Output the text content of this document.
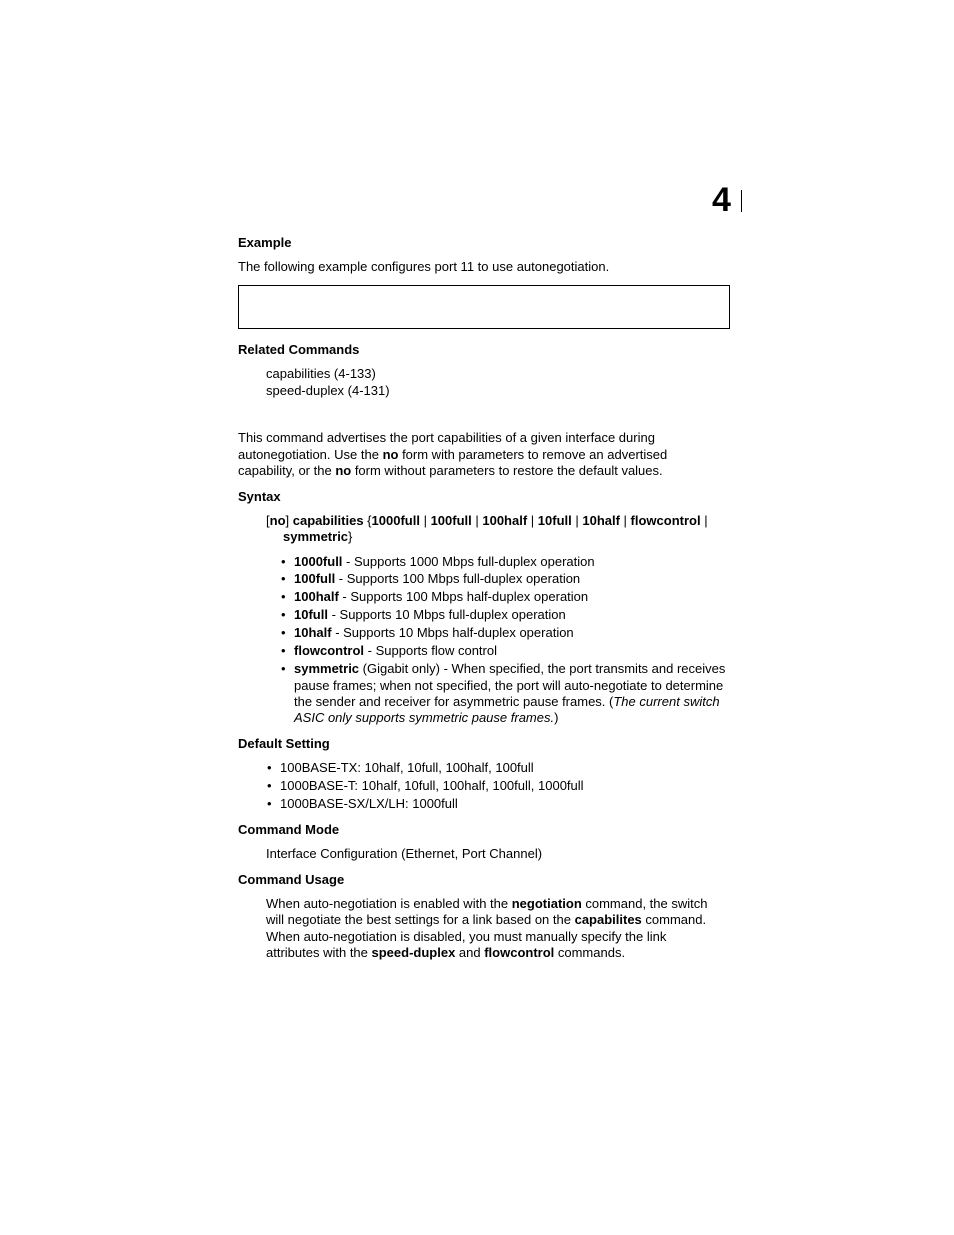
4
Example
The following example configures port 11 to use autonegotiation.
Related Commands
capabilities (4-133)
speed-duplex (4-131)
This command advertises the port capabilities of a given interface during
autonegotiation. Use the no form with parameters to remove an advertised
capability, or the no form without parameters to restore the default values.
Syntax
[no] capabilities {1000full | 100full | 100half | 10full | 10half | flowcontrol |
symmetric}
• 1000full - Supports 1000 Mbps full-duplex operation
• 100full - Supports 100 Mbps full-duplex operation
• 100half - Supports 100 Mbps half-duplex operation
• 10full - Supports 10 Mbps full-duplex operation
• 10half - Supports 10 Mbps half-duplex operation
• flowcontrol - Supports flow control
• symmetric (Gigabit only) - When specified, the port transmits and receives
pause frames; when not specified, the port will auto-negotiate to determine
the sender and receiver for asymmetric pause frames. (The current switch
ASIC only supports symmetric pause frames.)
Default Setting
• 100BASE-TX: 10half, 10full, 100half, 100full
• 1000BASE-T: 10half, 10full, 100half, 100full, 1000full
• 1000BASE-SX/LX/LH: 1000full
Command Mode
Interface Configuration (Ethernet, Port Channel)
Command Usage
When auto-negotiation is enabled with the negotiation command, the switch
will negotiate the best settings for a link based on the capabilites command.
When auto-negotiation is disabled, you must manually specify the link
attributes with the speed-duplex and flowcontrol commands.
